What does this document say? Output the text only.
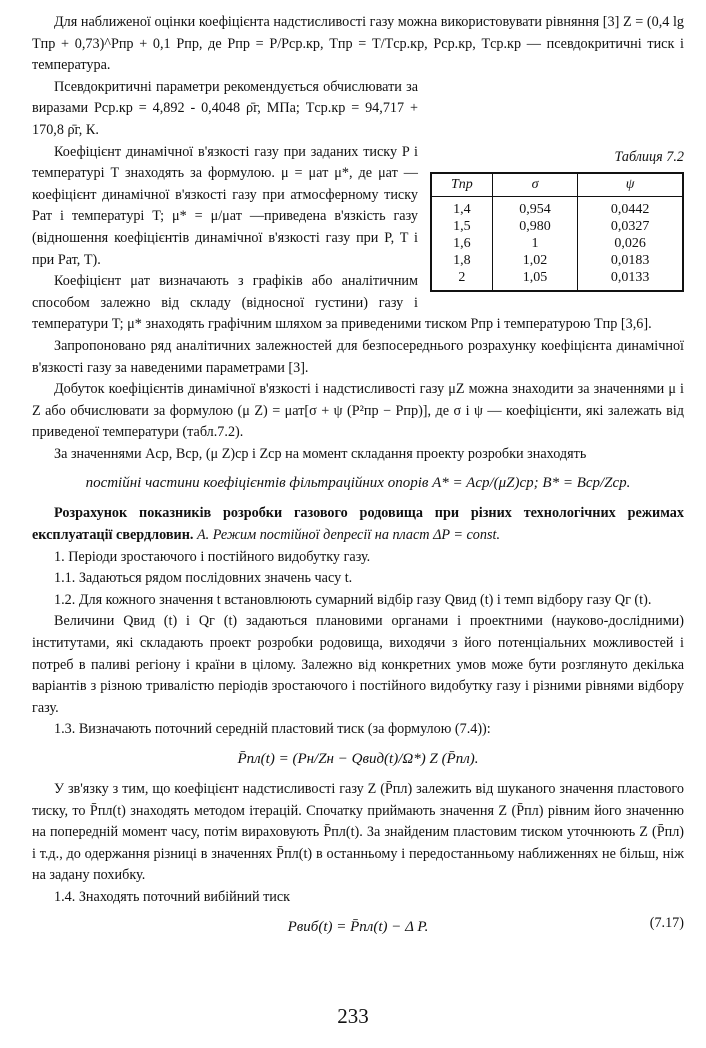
Для наближеної оцінки коефіцієнта надстисливості газу можна використовувати рівняння [3] Z = (0,4 lg Tпр + 0,73)^Pпр + 0,1 Pпр, де Pпр = P/Pср.кр, Tпр = T/Tср.кр, Pср.кр, Tср.кр — псевдокритичні тиск і температура.

Таблиця 7.2
Tпр	σ	ψ
1,4	0,954	0,0442
1,5	0,980	0,0327
1,6	1	0,026
1,8	1,02	0,0183
2	1,05	0,0133

Псевдокритичні параметри рекомендується обчислювати за виразами Pср.кр = 4,892 - 0,4048 ρ̄г, МПа; Tср.кр = 94,717 + 170,8 ρ̄г, К.

Коефіцієнт динамічної в'язкості газу при заданих тиску P і температурі T знаходять за формулою. μ = μат μ*, де μат — коефіцієнт динамічної в'язкості газу при атмосферному тиску Pат і температурі T; μ* = μ/μат —приведена в'язкість газу (відношення коефіцієнтів динамічної в'язкості газу при P, T і при Pат, T).

Коефіцієнт μат визначають з графіків або аналітичним способом залежно від складу (відносної густини) газу і температури T; μ* знаходять графічним шляхом за приведеними тиском Pпр і температурою Tпр [3,6].

Запропоновано ряд аналітичних залежностей для безпосереднього розрахунку коефіцієнта динамічної в'язкості газу за наведеними параметрами [3].

Добуток коефіцієнтів динамічної в'язкості і надстисливості газу μZ можна знаходити за значеннями μ і Z або обчислювати за формулою (μ Z) = μат[σ + ψ (P²пр − Pпр)], де σ і ψ — коефіцієнти, які залежать від приведеної температури (табл.7.2).

За значеннями Aср, Bср, (μ Z)ср і Zср на момент складання проекту розробки знаходять

постійні частини коефіцієнтів фільтраційних опорів A* = Aср/(μZ)ср; B* = Bср/Zср.

Розрахунок показників розробки газового родовища при різних технологічних режимах експлуатації свердловин. A. Режим постійної депресії на пласт ΔP = const.

1. Періоди зростаючого і постійного видобутку газу.

1.1. Задаються рядом послідовних значень часу t.

1.2. Для кожного значення t встановлюють сумарний відбір газу Qвид (t) і темп відбору газу Qг (t).

Величини Qвид (t) і Qг (t) задаються плановими органами і проектними (науково-дослідними) інститутами, які складають проект розробки родовища, виходячи з його потенціальних можливостей і потреб в паливі регіону і країни в цілому. Залежно від конкретних умов може бути розглянуто декілька варіантів з різною тривалістю періодів зростаючого і постійного видобутку газу і різними рівнями відбору газу.

1.3. Визначають поточний середній пластовий тиск (за формулою (7.4)):

P̄пл(t) = (Pн/Zн − Qвид(t)/Ω*) Z (P̄пл).

У зв'язку з тим, що коефіцієнт надстисливості газу Z (P̄пл) залежить від шуканого значення пластового тиску, то P̄пл(t) знаходять методом ітерацій. Спочатку приймають значення Z (P̄пл) рівним його значенню на попередній момент часу, потім вираховують P̄пл(t). За знайденим пластовим тиском уточнюють Z (P̄пл) і т.д., до одержання різниці в значеннях P̄пл(t) в останньому і передостанньому наближеннях не більш, ніж на задану похибку.

1.4. Знаходять поточний вибійний тиск

Pвиб(t) = P̄пл(t) − Δ P.	(7.17)
233
